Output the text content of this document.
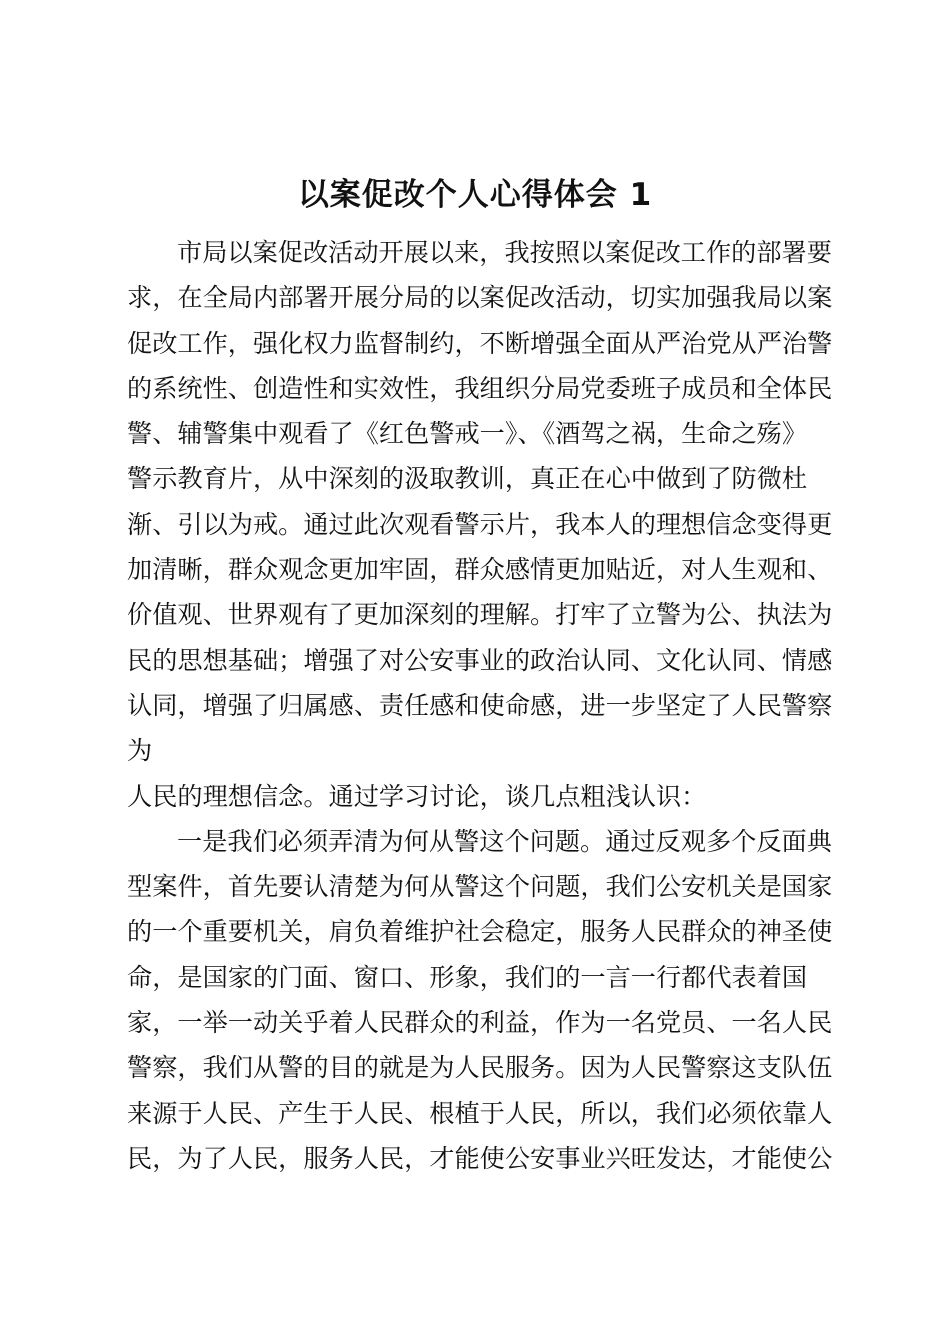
以案促改个人心得体会 1
市局以案促改活动开展以来，我按照以案促改工作的部署要
求，在全局内部署开展分局的以案促改活动，切实加强我局以案
促改工作，强化权力监督制约，不断增强全面从严治党从严治警
的系统性、创造性和实效性，我组织分局党委班子成员和全体民
警、辅警集中观看了《红色警戒一》、《酒驾之祸，生命之殇》
警示教育片，从中深刻的汲取教训，真正在心中做到了防微杜
渐、引以为戒。通过此次观看警示片，我本人的理想信念变得更
加清晰，群众观念更加牢固，群众感情更加贴近，对人生观和、
价值观、世界观有了更加深刻的理解。打牢了立警为公、执法为
民的思想基础；增强了对公安事业的政治认同、文化认同、情感
认同，增强了归属感、责任感和使命感，进一步坚定了人民警察
为
人民的理想信念。通过学习讨论，谈几点粗浅认识：
一是我们必须弄清为何从警这个问题。通过反观多个反面典
型案件，首先要认清楚为何从警这个问题，我们公安机关是国家
的一个重要机关，肩负着维护社会稳定，服务人民群众的神圣使
命，是国家的门面、窗口、形象，我们的一言一行都代表着国
家，一举一动关乎着人民群众的利益，作为一名党员、一名人民
警察，我们从警的目的就是为人民服务。因为人民警察这支队伍
来源于人民、产生于人民、根植于人民，所以，我们必须依靠人
民，为了人民，服务人民，才能使公安事业兴旺发达，才能使公
